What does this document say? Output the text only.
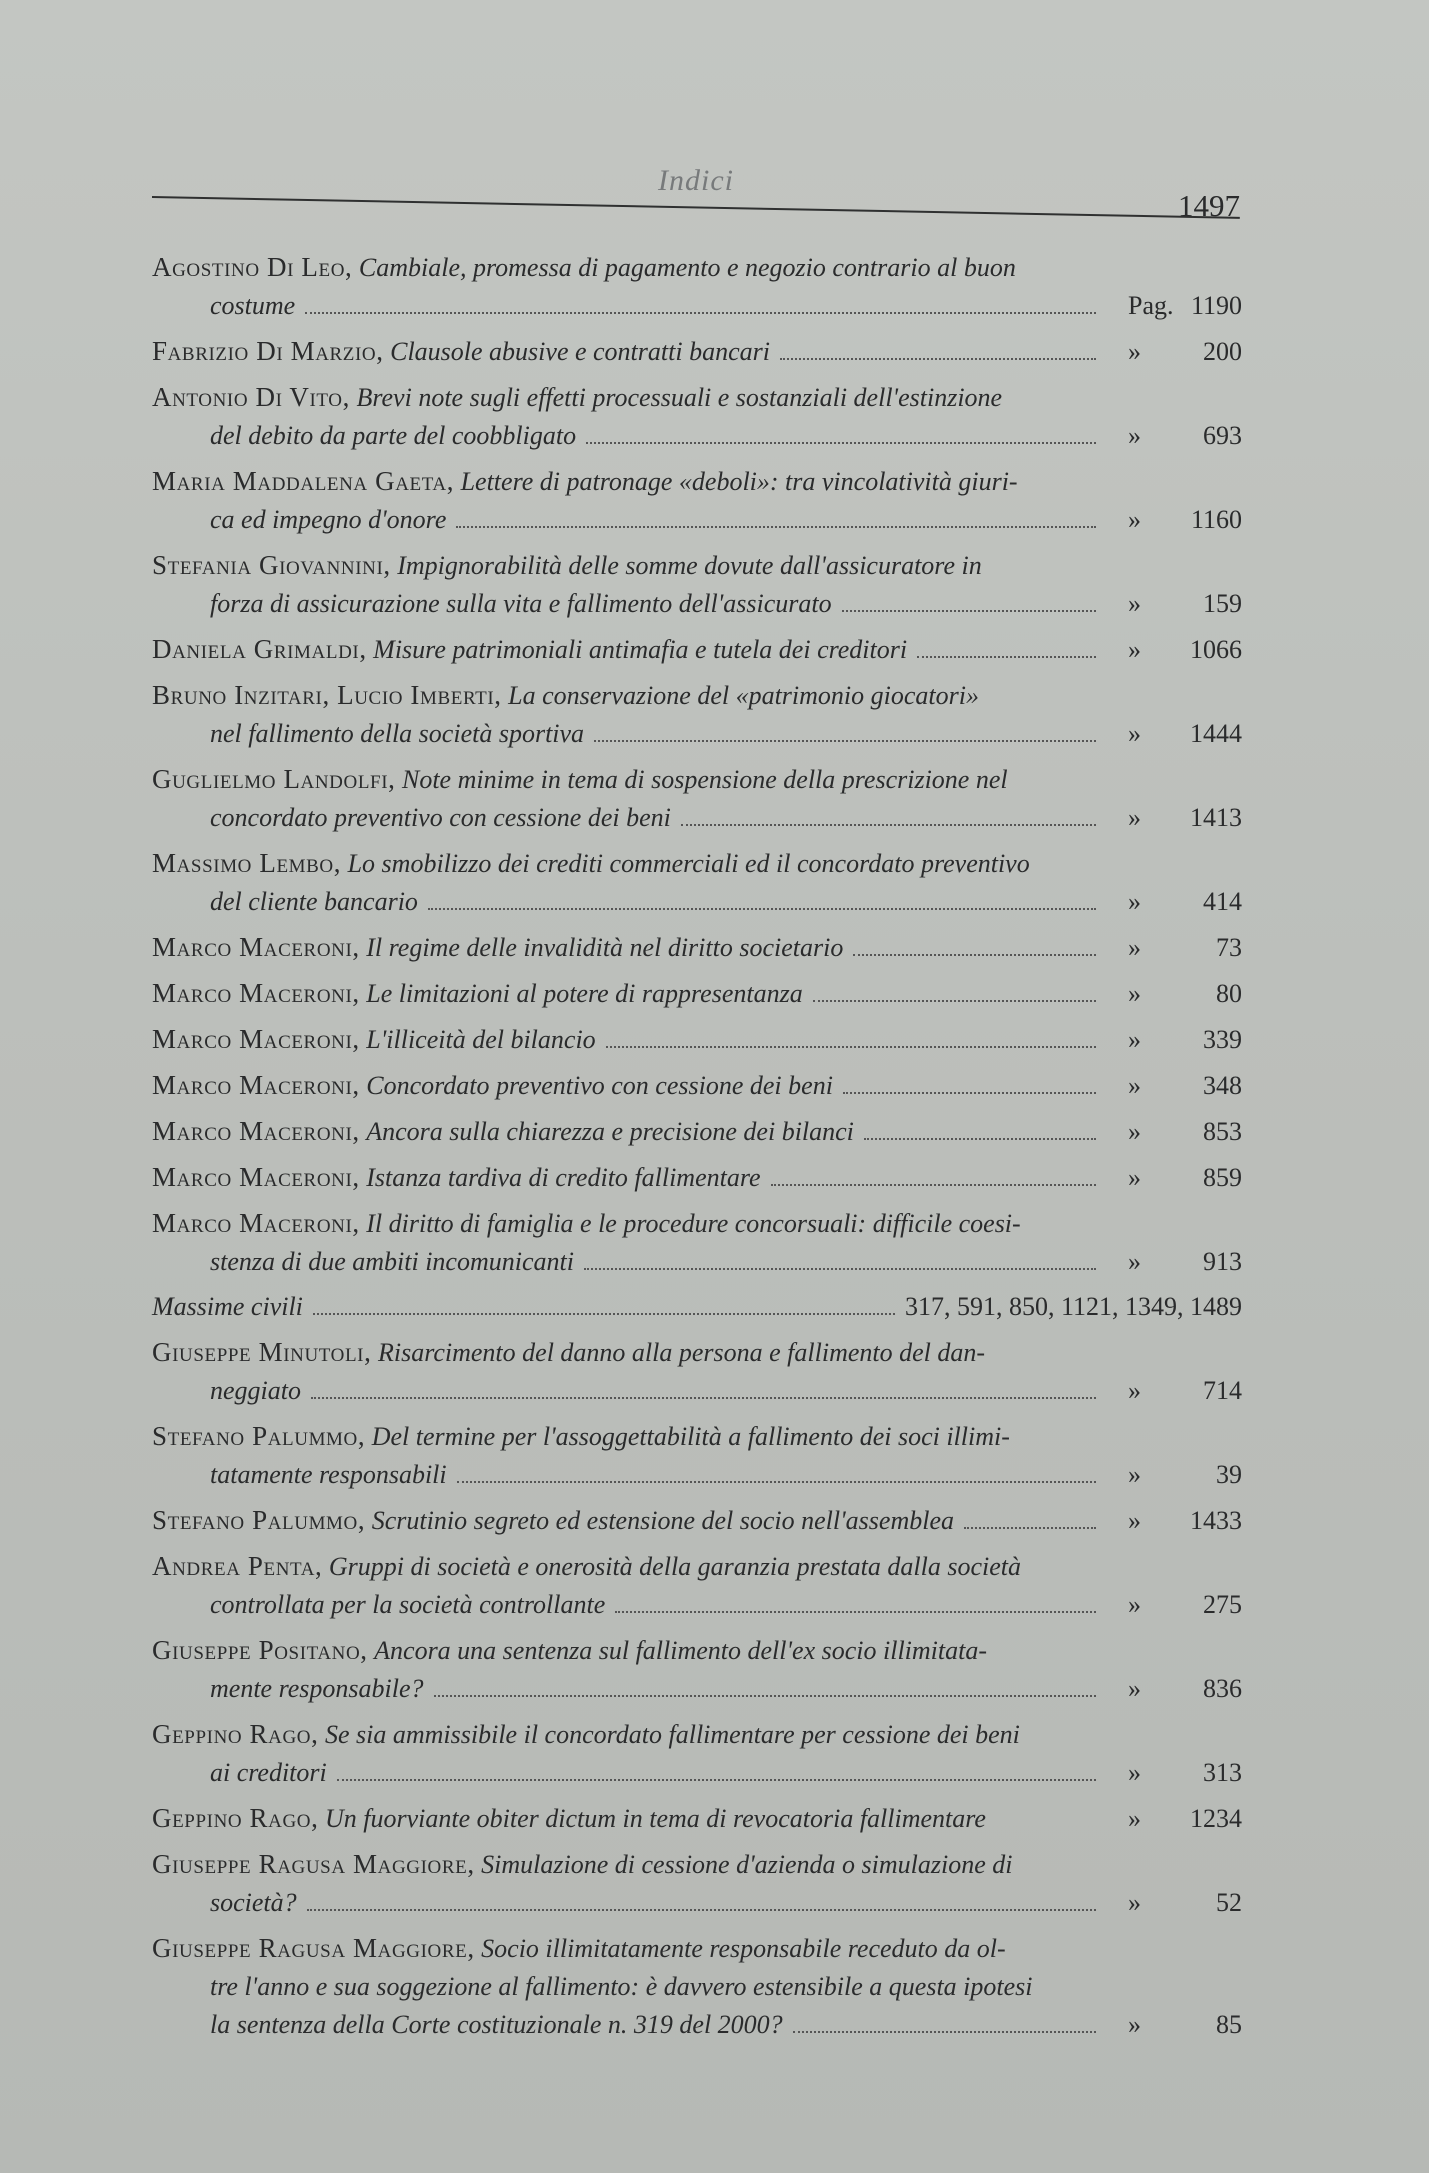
Indici
1497
Agostino Di Leo,
Cambiale, promessa di pagamento e negozio contrario al buon
costume	Pag. 1190
Fabrizio Di Marzio,
Clausole abusive e contratti bancari	»	200
Antonio Di Vito,
Brevi note sugli effetti processuali e sostanziali dell'estinzione
del debito da parte del coobbligato	»	693
Maria Maddalena Gaeta,
Lettere di patronage «deboli»: tra vincolatività giuri-
ca ed impegno d'onore	»	1160
Stefania Giovannini,
Impignorabilità delle somme dovute dall'assicuratore in
forza di assicurazione sulla vita e fallimento dell'assicurato	»	159
Daniela Grimaldi,
Misure patrimoniali antimafia e tutela dei creditori	»	1066
Bruno Inzitari, Lucio Imberti,
La conservazione del «patrimonio giocatori»
nel fallimento della società sportiva	»	1444
Guglielmo Landolfi,
Note minime in tema di sospensione della prescrizione nel
concordato preventivo con cessione dei beni	»	1413
Massimo Lembo,
Lo smobilizzo dei crediti commerciali ed il concordato preventivo
del cliente bancario	»	414
Marco Maceroni,
Il regime delle invalidità nel diritto societario	»	73
Marco Maceroni,
Le limitazioni al potere di rappresentanza	»	80
Marco Maceroni,
L'illiceità del bilancio	»	339
Marco Maceroni,
Concordato preventivo con cessione dei beni	»	348
Marco Maceroni,
Ancora sulla chiarezza e precisione dei bilanci	»	853
Marco Maceroni,
Istanza tardiva di credito fallimentare	»	859
Marco Maceroni,
Il diritto di famiglia e le procedure concorsuali: difficile coesi-
stenza di due ambiti incomunicanti	»	913
Massime civili	317, 591, 850, 1121, 1349, 1489
Giuseppe Minutoli,
Risarcimento del danno alla persona e fallimento del dan-
neggiato	»	714
Stefano Palummo,
Del termine per l'assoggettabilità a fallimento dei soci illimi-
tatamente responsabili	»	39
Stefano Palummo,
Scrutinio segreto ed estensione del socio nell'assemblea	»	1433
Andrea Penta,
Gruppi di società e onerosità della garanzia prestata dalla società
controllata per la società controllante	»	275
Giuseppe Positano,
Ancora una sentenza sul fallimento dell'ex socio illimitata-
mente responsabile?	»	836
Geppino Rago,
Se sia ammissibile il concordato fallimentare per cessione dei beni
ai creditori	»	313
Geppino Rago,
Un fuorviante obiter dictum in tema di revocatoria fallimentare	»	1234
Giuseppe Ragusa Maggiore,
Simulazione di cessione d'azienda o simulazione di
società?	»	52
Giuseppe Ragusa Maggiore,
Socio illimitatamente responsabile receduto da ol-
tre l'anno e sua soggezione al fallimento: è davvero estensibile a questa ipotesi
la sentenza della Corte costituzionale n. 319 del 2000?	»	85
